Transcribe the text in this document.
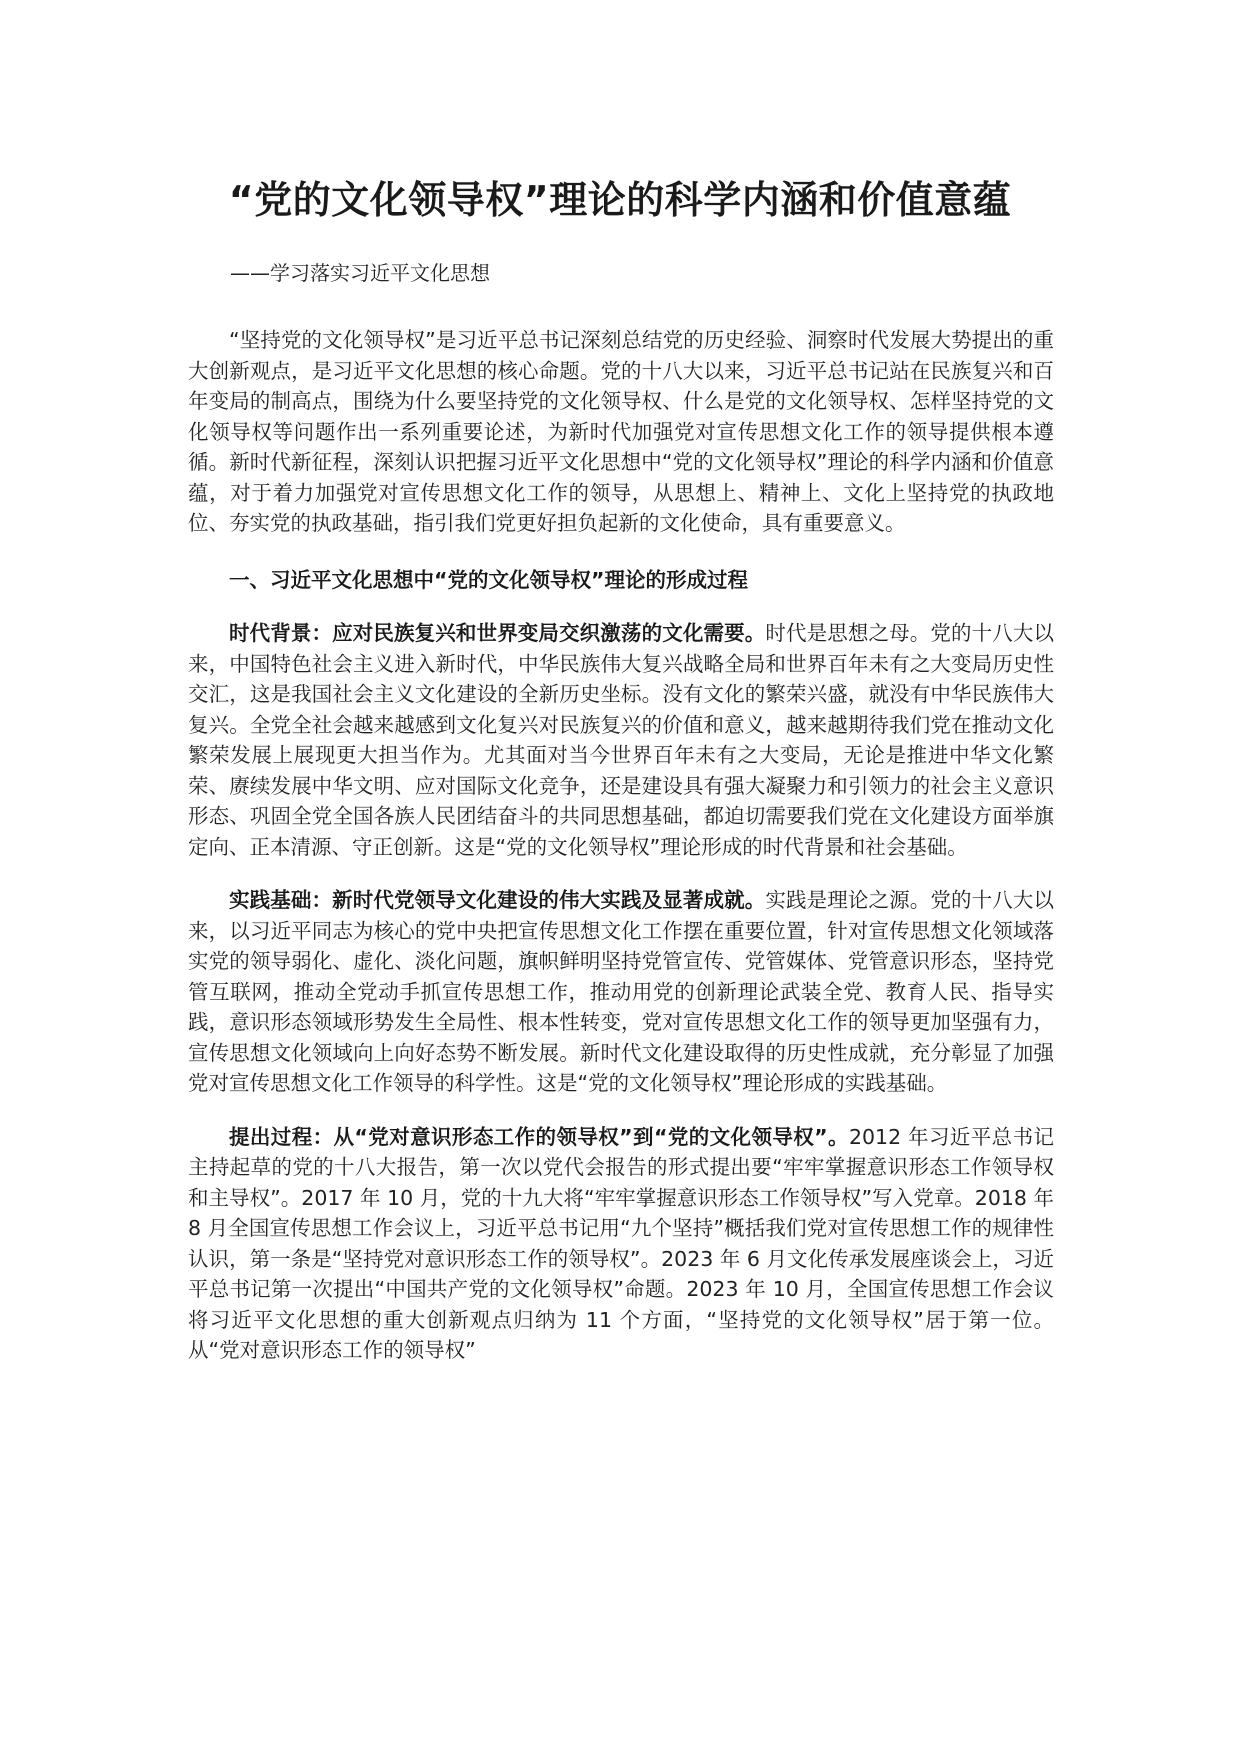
“党的文化领导权”理论的科学内涵和价值意蕴
——学习落实习近平文化思想

“坚持党的文化领导权”是习近平总书记深刻总结党的历史经验、洞察时代发展大势提出的重大创新观点，是习近平文化思想的核心命题。党的十八大以来，习近平总书记站在民族复兴和百年变局的制高点，围绕为什么要坚持党的文化领导权、什么是党的文化领导权、怎样坚持党的文化领导权等问题作出一系列重要论述，为新时代加强党对宣传思想文化工作的领导提供根本遵循。新时代新征程，深刻认识把握习近平文化思想中“党的文化领导权”理论的科学内涵和价值意蕴，对于着力加强党对宣传思想文化工作的领导，从思想上、精神上、文化上坚持党的执政地位、夯实党的执政基础，指引我们党更好担负起新的文化使命，具有重要意义。

一、习近平文化思想中“党的文化领导权”理论的形成过程

时代背景：应对民族复兴和世界变局交织激荡的文化需要。时代是思想之母。党的十八大以来，中国特色社会主义进入新时代，中华民族伟大复兴战略全局和世界百年未有之大变局历史性交汇，这是我国社会主义文化建设的全新历史坐标。没有文化的繁荣兴盛，就没有中华民族伟大复兴。全党全社会越来越感到文化复兴对民族复兴的价值和意义，越来越期待我们党在推动文化繁荣发展上展现更大担当作为。尤其面对当今世界百年未有之大变局，无论是推进中华文化繁荣、赓续发展中华文明、应对国际文化竞争，还是建设具有强大凝聚力和引领力的社会主义意识形态、巩固全党全国各族人民团结奋斗的共同思想基础，都迫切需要我们党在文化建设方面举旗定向、正本清源、守正创新。这是“党的文化领导权”理论形成的时代背景和社会基础。

实践基础：新时代党领导文化建设的伟大实践及显著成就。实践是理论之源。党的十八大以来，以习近平同志为核心的党中央把宣传思想文化工作摆在重要位置，针对宣传思想文化领域落实党的领导弱化、虚化、淡化问题，旗帜鲜明坚持党管宣传、党管媒体、党管意识形态，坚持党管互联网，推动全党动手抓宣传思想工作，推动用党的创新理论武装全党、教育人民、指导实践，意识形态领域形势发生全局性、根本性转变，党对宣传思想文化工作的领导更加坚强有力，宣传思想文化领域向上向好态势不断发展。新时代文化建设取得的历史性成就，充分彰显了加强党对宣传思想文化工作领导的科学性。这是“党的文化领导权”理论形成的实践基础。

提出过程：从“党对意识形态工作的领导权”到“党的文化领导权”。2012 年习近平总书记主持起草的党的十八大报告，第一次以党代会报告的形式提出要“牢牢掌握意识形态工作领导权和主导权”。2017 年 10 月，党的十九大将“牢牢掌握意识形态工作领导权”写入党章。2018 年 8 月全国宣传思想工作会议上，习近平总书记用“九个坚持”概括我们党对宣传思想工作的规律性认识，第一条是“坚持党对意识形态工作的领导权”。2023 年 6 月文化传承发展座谈会上，习近平总书记第一次提出“中国共产党的文化领导权”命题。2023 年 10 月，全国宣传思想工作会议将习近平文化思想的重大创新观点归纳为 11 个方面，“坚持党的文化领导权”居于第一位。从“党对意识形态工作的领导权”
